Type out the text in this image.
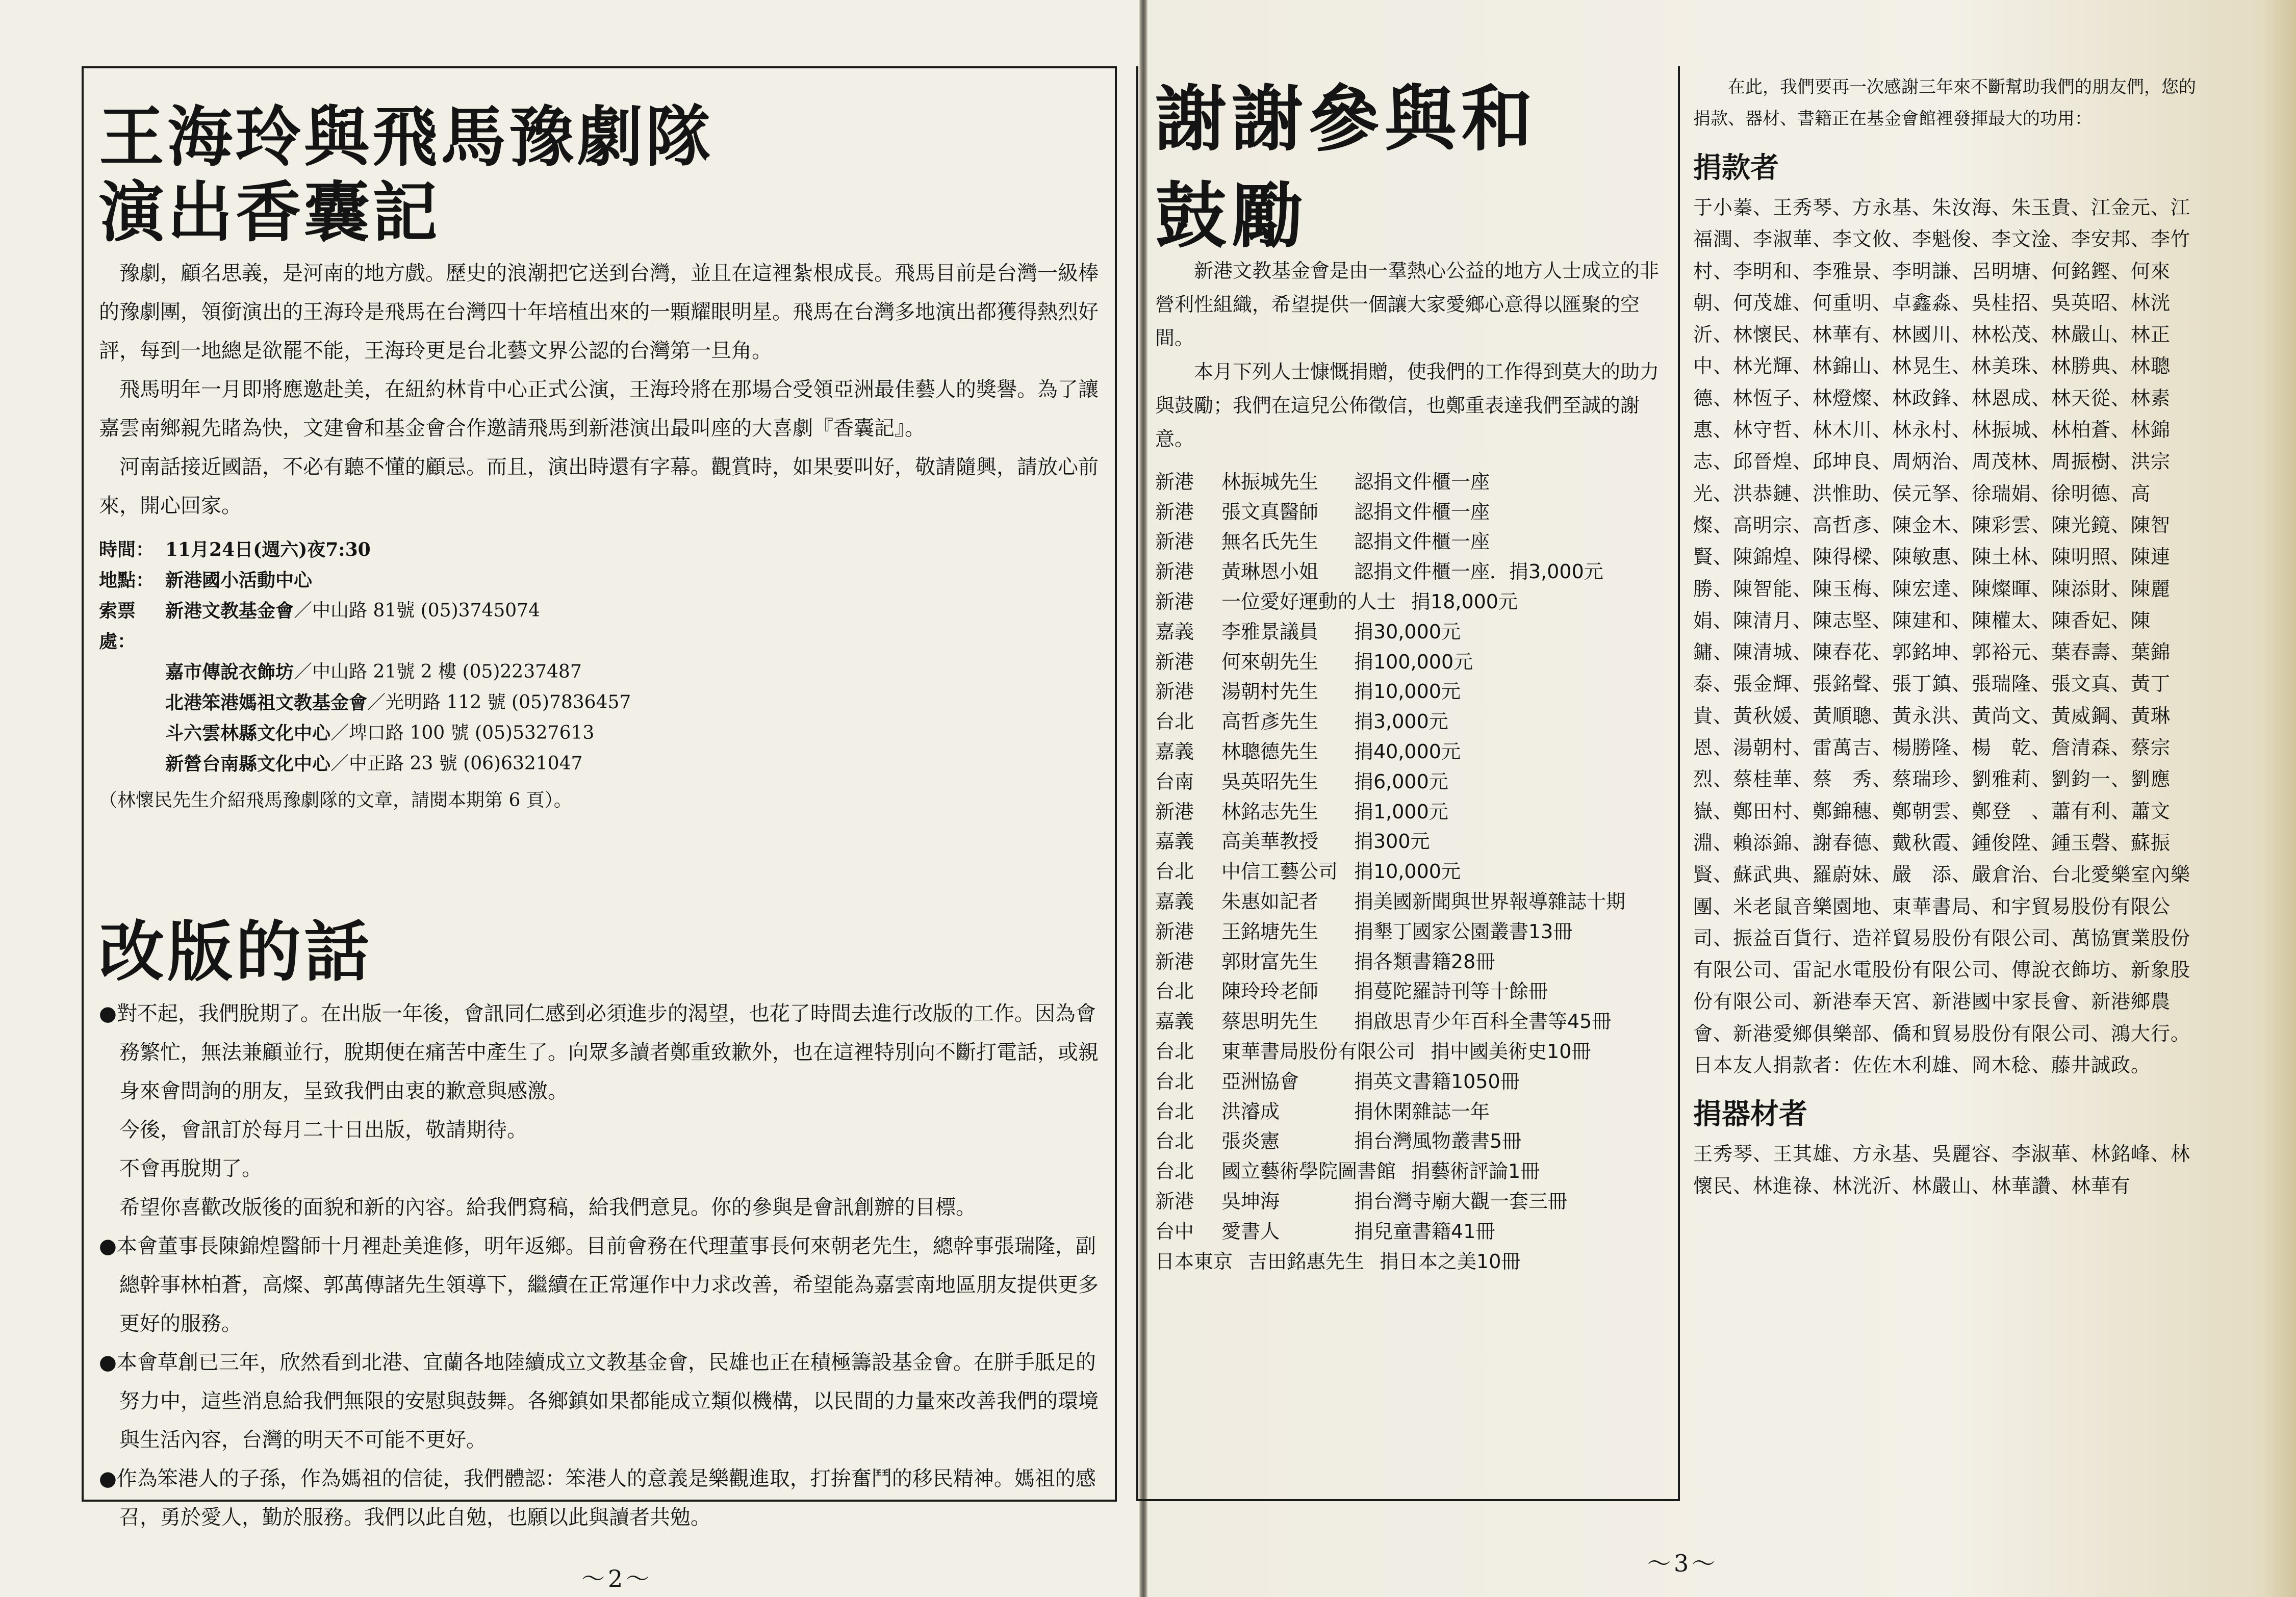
王海玲與飛馬豫劇隊
演出香囊記

豫劇，顧名思義，是河南的地方戲。歷史的浪潮把它送到台灣，並且在這裡紮根成長。飛馬目前是台灣一級棒的豫劇團，領銜演出的王海玲是飛馬在台灣四十年培植出來的一顆耀眼明星。飛馬在台灣多地演出都獲得熱烈好評，每到一地總是欲罷不能，王海玲更是台北藝文界公認的台灣第一旦角。

飛馬明年一月即將應邀赴美，在紐約林肯中心正式公演，王海玲將在那場合受領亞洲最佳藝人的獎譽。為了讓嘉雲南鄉親先睹為快，文建會和基金會合作邀請飛馬到新港演出最叫座的大喜劇『香囊記』。

河南話接近國語，不必有聽不懂的顧忌。而且，演出時還有字幕。觀賞時，如果要叫好，敬請隨興，請放心前來，開心回家。

時間： 11月24日(週六)夜7:30
地點： 新港國小活動中心
索票處：
新港文教基金會 ／中山路 81號 (05)3745074
嘉市傳說衣飾坊 ／中山路 21號 2 樓 (05)2237487
北港笨港媽祖文教基金會 ／光明路 112 號 (05)7836457
斗六雲林縣文化中心 ／埤口路 100 號 (05)5327613
新營台南縣文化中心 ／中正路 23 號 (06)6321047
（林懷民先生介紹飛馬豫劇隊的文章，請閱本期第 6 頁）。
改版的話

●對不起，我們脫期了。在出版一年後，會訊同仁感到必須進步的渴望，也花了時間去進行改版的工作。因為會務繁忙，無法兼顧並行，脫期便在痛苦中產生了。向眾多讀者鄭重致歉外，也在這裡特別向不斷打電話，或親身來會問詢的朋友，呈致我們由衷的歉意與感激。

今後，會訊訂於每月二十日出版，敬請期待。

不會再脫期了。

希望你喜歡改版後的面貌和新的內容。給我們寫稿，給我們意見。你的參與是會訊創辦的目標。

●本會董事長陳錦煌醫師十月裡赴美進修，明年返鄉。目前會務在代理董事長何來朝老先生，總幹事張瑞隆，副總幹事林柏蒼，高燦、郭萬傳諸先生領導下，繼續在正常運作中力求改善，希望能為嘉雲南地區朋友提供更多更好的服務。

●本會草創已三年，欣然看到北港、宜蘭各地陸續成立文教基金會，民雄也正在積極籌設基金會。在胼手胝足的努力中，這些消息給我們無限的安慰與鼓舞。各鄉鎮如果都能成立類似機構，以民間的力量來改善我們的環境與生活內容，台灣的明天不可能不更好。

●作為笨港人的子孫，作為媽祖的信徒，我們體認：笨港人的意義是樂觀進取，打拚奮鬥的移民精神。媽祖的感召，勇於愛人，勤於服務。我們以此自勉，也願以此與讀者共勉。

～2～
～3～
謝謝參與和
鼓勵

新港文教基金會是由一羣熱心公益的地方人士成立的非營利性組織，希望提供一個讓大家愛鄉心意得以匯聚的空間。

本月下列人士慷慨捐贈，使我們的工作得到莫大的助力與鼓勵；我們在這兒公佈徵信，也鄭重表達我們至誠的謝意。

新港	林振城先生	認捐文件櫃一座
新港	張文真醫師	認捐文件櫃一座
新港	無名氏先生	認捐文件櫃一座
新港	黃琳恩小姐	認捐文件櫃一座．捐3,000元
新港	一位愛好運動的人士 捐18,000元
嘉義	李雅景議員	捐30,000元
新港	何來朝先生	捐100,000元
新港	湯朝村先生	捐10,000元
台北	高哲彥先生	捐3,000元
嘉義	林聰德先生	捐40,000元
台南	吳英昭先生	捐6,000元
新港	林銘志先生	捐1,000元
嘉義	高美華教授	捐300元
台北	中信工藝公司 捐10,000元
嘉義	朱惠如記者	捐美國新聞與世界報導雜誌十期
新港	王銘塘先生	捐墾丁國家公園叢書13冊
新港	郭財富先生	捐各類書籍28冊
台北	陳玲玲老師	捐蔓陀羅詩刊等十餘冊
嘉義	蔡思明先生	捐啟思青少年百科全書等45冊
台北	東華書局股份有限公司 捐中國美術史10冊
台北	亞洲協會	捐英文書籍1050冊
台北	洪濬成	捐休閑雜誌一年
台北	張炎憲	捐台灣風物叢書5冊
台北	國立藝術學院圖書館 捐藝術評論1冊
新港	吳坤海	捐台灣寺廟大觀一套三冊
台中	愛書人	捐兒童書籍41冊
日本東京 吉田銘惠先生 捐日本之美10冊

在此，我們要再一次感謝三年來不斷幫助我們的朋友們，您的捐款、器材、書籍正在基金會館裡發揮最大的功用：

捐款者

于小蓁、王秀琴、方永基、朱汝海、朱玉貴、江金元、江福潤、李淑華、李文攸、李魁俊、李文淦、李安邦、李竹村、李明和、李雅景、李明謙、呂明塘、何銘鏗、何來朝、何茂雄、何重明、卓鑫淼、吳桂招、吳英昭、林洸沂、林懷民、林華有、林國川、林松茂、林嚴山、林正中、林光輝、林錦山、林晃生、林美珠、林勝典、林聰德、林恆子、林燈燦、林政鋒、林恩成、林天從、林素惠、林守哲、林木川、林永村、林振城、林柏蒼、林錦志、邱晉煌、邱坤良、周炳治、周茂林、周振樹、洪宗光、洪恭鏈、洪惟助、侯元拏、徐瑞娟、徐明德、高　燦、高明宗、高哲彥、陳金木、陳彩雲、陳光鏡、陳智賢、陳錦煌、陳得樑、陳敏惠、陳土林、陳明照、陳連勝、陳智能、陳玉梅、陳宏達、陳燦暉、陳添財、陳麗娟、陳清月、陳志堅、陳建和、陳權太、陳香妃、陳　鏞、陳清城、陳春花、郭銘坤、郭裕元、葉春壽、葉錦泰、張金輝、張銘聲、張丁鎮、張瑞隆、張文真、黃丁貴、黃秋媛、黃順聰、黃永洪、黃尚文、黃威鋼、黃琳恩、湯朝村、雷萬吉、楊勝隆、楊　乾、詹清森、蔡宗烈、蔡桂華、蔡　秀、蔡瑞珍、劉雅莉、劉鈞一、劉應嶽、鄭田村、鄭錦穗、鄭朝雲、鄭登　、蕭有利、蕭文淵、賴添錦、謝春德、戴秋霞、鍾俊陞、鍾玉磬、蘇振賢、蘇武典、羅蔚妹、嚴　添、嚴倉治、台北愛樂室內樂團、米老鼠音樂園地、東華書局、和宇貿易股份有限公司、振益百貨行、造祥貿易股份有限公司、萬協實業股份有限公司、雷記水電股份有限公司、傳說衣飾坊、新象股份有限公司、新港奉天宮、新港國中家長會、新港鄉農會、新港愛鄉俱樂部、僑和貿易股份有限公司、鴻大行。

日本友人捐款者：佐佐木利雄、岡木稔、藤井誠政。

捐器材者

王秀琴、王其雄、方永基、吳麗容、李淑華、林銘峰、林懷民、林進祿、林洸沂、林嚴山、林華讚、林華有
